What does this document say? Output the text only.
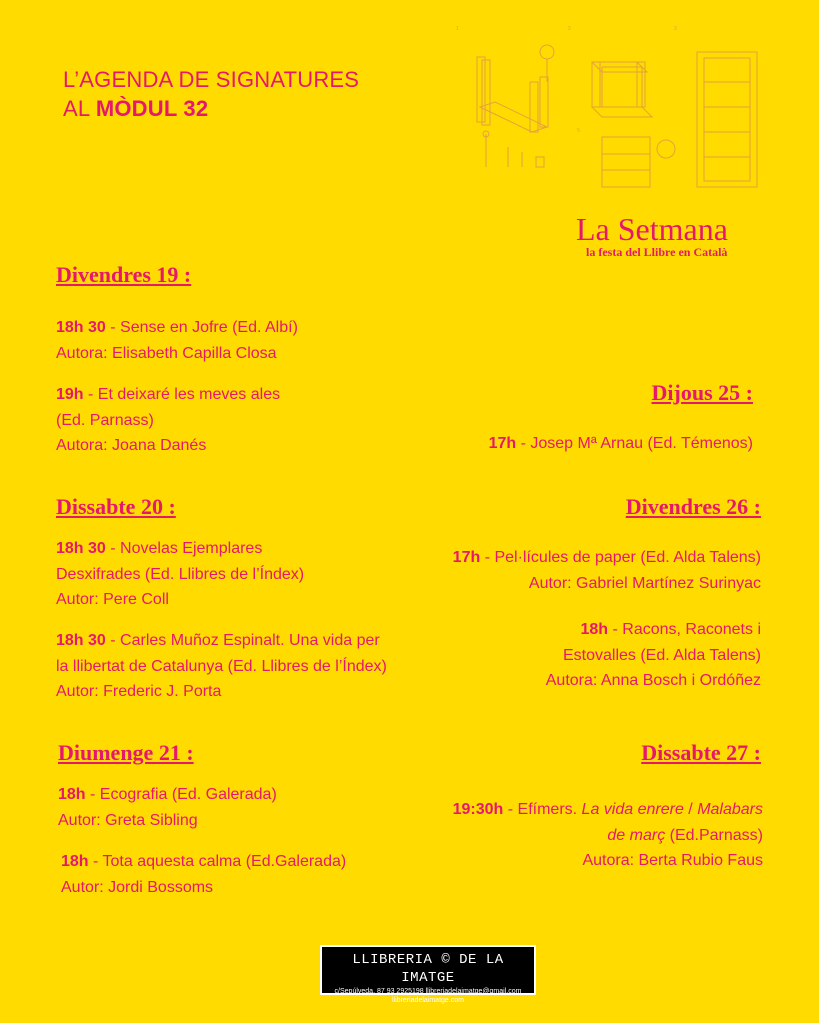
L’AGENDA DE SIGNATURES
AL MÒDUL 32
1	2	3
5
La Setmana
la festa del Llibre en Català
Divendres 19 :
18h 30 - Sense en Jofre (Ed. Albí)
Autora: Elisabeth Capilla Closa
19h - Et deixaré les meves ales
(Ed. Parnass)
Autora: Joana Danés
Dissabte 20 :
18h 30 - Novelas Ejemplares
Desxifrades (Ed. Llibres de l’Índex)
Autor: Pere Coll
18h 30 - Carles Muñoz Espinalt. Una vida per
la llibertat de Catalunya (Ed. Llibres de l’Índex)
Autor: Frederic J. Porta
Diumenge 21 :
18h - Ecografia (Ed. Galerada)
Autor: Greta Sibling
18h - Tota aquesta calma (Ed.Galerada)
Autor: Jordi Bossoms
Dijous 25 :
17h - Josep Mª Arnau (Ed. Témenos)
Divendres 26 :
17h - Pel·lícules de paper (Ed. Alda Talens)
Autor: Gabriel Martínez Surinyac
18h - Racons, Raconets i
Estovalles (Ed. Alda Talens)
Autora: Anna Bosch i Ordóñez
Dissabte 27 :
19:30h - Efímers. La vida enrere / Malabars
de març (Ed.Parnass)
Autora: Berta Rubio Faus
LLIBRERIA © DE LA IMATGE
c/Sepúlveda, 87 93 2925198 llibreriadelaimatge@gmail.com
llibreriadelaimatge.com
